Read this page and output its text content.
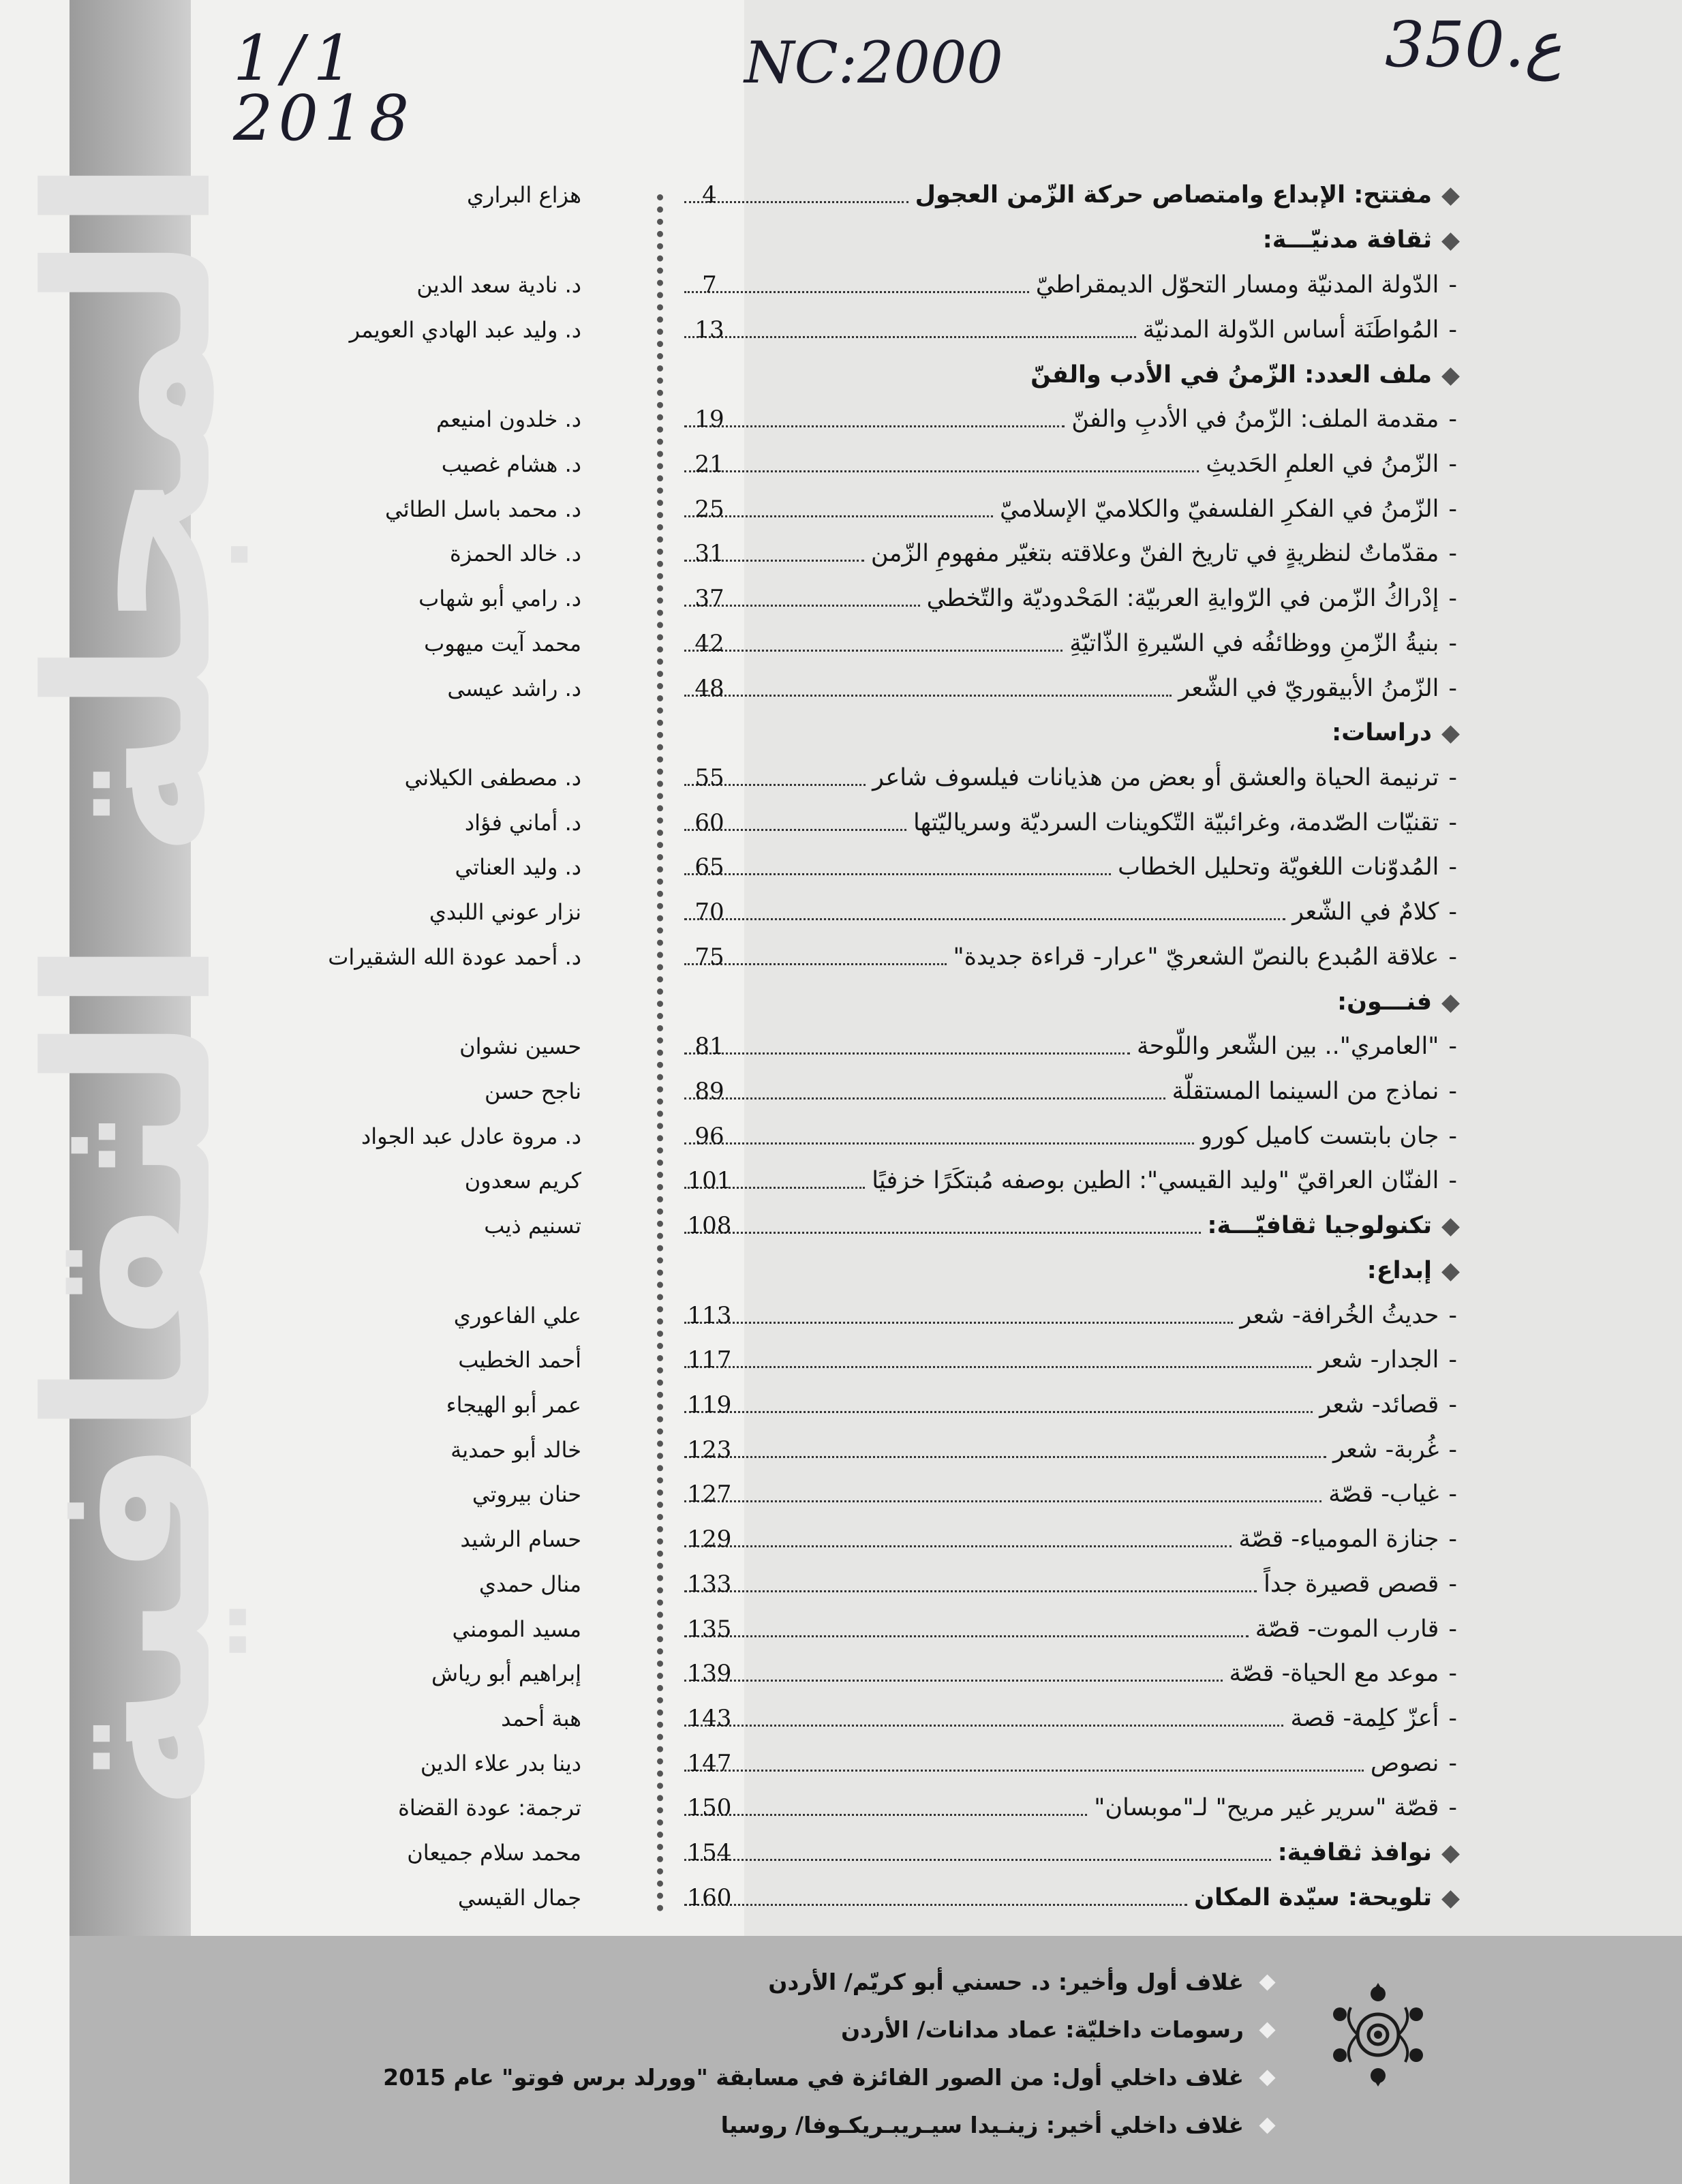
المجلة الثقافية
1/1
2018
NC:2000	350.ع
مفتتح: الإبداع وامتصاص حركة الزّمن العجول
4
هزاع البراري
ثقافة مدنيّـــة:
-
الدّولة المدنيّة ومسار التحوّل الديمقراطيّ
7
د. نادية سعد الدين
-
المُواطَنَة أساس الدّولة المدنيّة
13
د. وليد عبد الهادي العويمر
ملف العدد: الزّمنُ في الأدب والفنّ
-
مقدمة الملف: الزّمنُ في الأدبِ والفنّ
19
د. خلدون امنيعم
-
الزّمنُ في العلمِ الحَديثِ
21
د. هشام غصيب
-
الزّمنُ في الفكرِ الفلسفيّ والكلاميّ الإسلاميّ
25
د. محمد باسل الطائي
-
مقدّماتٌ لنظريةٍ في تاريخ الفنّ وعلاقته بتغيّر مفهومِ الزّمن
31
د. خالد الحمزة
-
إدْراكُ الزّمن في الرّوايةِ العربيّة: المَحْدوديّة والتّخطي
37
د. رامي أبو شهاب
-
بنيةُ الزّمنِ ووظائفُه في السّيرةِ الذّاتيّةِ
42
محمد آيت ميهوب
-
الزّمنُ الأبيقوريّ في الشّعر
48
د. راشد عيسى
دراسات:
-
ترنيمة الحياة والعشق أو بعض من هذيانات فيلسوف شاعر
55
د. مصطفى الكيلاني
-
تقنيّات الصّدمة، وغرائبيّة التّكوينات السرديّة وسرياليّتها
60
د. أماني فؤاد
-
المُدوّنات اللغويّة وتحليل الخطاب
65
د. وليد العناتي
-
كلامٌ في الشّعر
70
نزار عوني اللبدي
-
علاقة المُبدع بالنصّ الشعريّ "عرار- قراءة جديدة"
75
د. أحمد عودة الله الشقيرات
فنـــون:
-
"العامري".. بين الشّعر واللّوحة
81
حسين نشوان
-
نماذج من السينما المستقلّة
89
ناجح حسن
-
جان بابتست كاميل كورو
96
د. مروة عادل عبد الجواد
-
الفنّان العراقيّ "وليد القيسي": الطين بوصفه مُبتكَرًا خزفيًا
101
كريم سعدون
تكنولوجيا ثقافيّـــة:
108
تسنيم ذيب
إبداع:
-
حديثُ الخُرافة- شعر
113
علي الفاعوري
-
الجدار- شعر
117
أحمد الخطيب
-
قصائد- شعر
119
عمر أبو الهيجاء
-
غُربة- شعر
123
خالد أبو حمدية
-
غياب- قصّة
127
حنان بيروتي
-
جنازة المومياء- قصّة
129
حسام الرشيد
-
قصص قصيرة جداً
133
منال حمدي
-
قارب الموت- قصّة
135
مسيد المومني
-
موعد مع الحياة- قصّة
139
إبراهيم أبو رياش
-
أعزّ كلِمة- قصة
143
هبة أحمد
-
نصوص
147
دينا بدر علاء الدين
-
قصّة "سرير غير مريح" لـ"موبسان"
150
ترجمة: عودة القضاة
نوافذ ثقافية:
154
محمد سلام جميعان
تلويحة: سيّدة المكان
160
جمال القيسي
غلاف أول وأخير: د. حسني أبو كريّم/ الأردن
رسومات داخليّة: عماد مدانات/ الأردن
غلاف داخلي أول: من الصور الفائزة في مسابقة "وورلد برس فوتو" عام 2015
غلاف داخلي أخير: زينـيدا سيـريبـريكـوفا/ روسيا
